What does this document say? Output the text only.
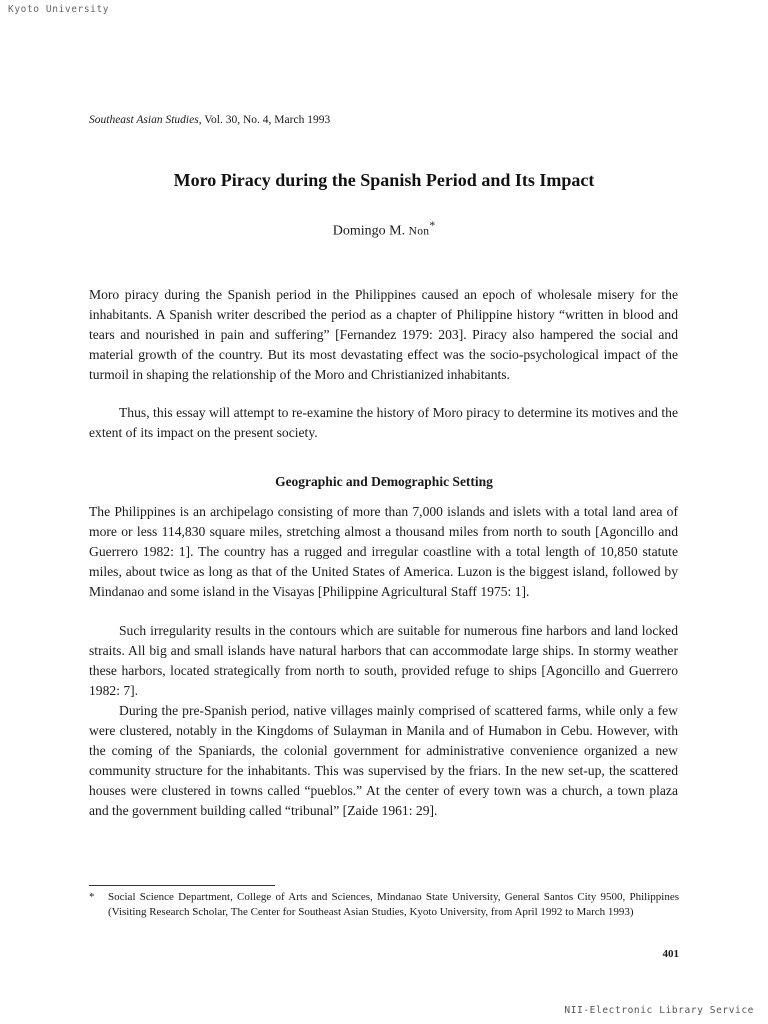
Kyoto University
Southeast Asian Studies, Vol. 30, No. 4, March 1993
Moro Piracy during the Spanish Period and Its Impact
Domingo M. Non*

Moro piracy during the Spanish period in the Philippines caused an epoch of wholesale misery for the inhabitants. A Spanish writer described the period as a chapter of Philippine history “written in blood and tears and nourished in pain and suffering” [Fernandez 1979: 203]. Piracy also hampered the social and material growth of the country. But its most devastating effect was the socio-psychological impact of the turmoil in shaping the relationship of the Moro and Christianized inhabitants.

Thus, this essay will attempt to re-examine the history of Moro piracy to determine its motives and the extent of its impact on the present society.

Geographic and Demographic Setting

The Philippines is an archipelago consisting of more than 7,000 islands and islets with a total land area of more or less 114,830 square miles, stretching almost a thousand miles from north to south [Agoncillo and Guerrero 1982: 1]. The country has a rugged and irregular coastline with a total length of 10,850 statute miles, about twice as long as that of the United States of America. Luzon is the biggest island, followed by Mindanao and some island in the Visayas [Philippine Agricultural Staff 1975: 1].

Such irregularity results in the contours which are suitable for numerous fine harbors and land locked straits. All big and small islands have natural harbors that can accommodate large ships. In stormy weather these harbors, located strategically from north to south, provided refuge to ships [Agoncillo and Guerrero 1982: 7].

During the pre-Spanish period, native villages mainly comprised of scattered farms, while only a few were clustered, notably in the Kingdoms of Sulayman in Manila and of Humabon in Cebu. However, with the coming of the Spaniards, the colonial government for administrative convenience organized a new community structure for the inhabitants. This was supervised by the friars. In the new set-up, the scattered houses were clustered in towns called “pueblos.” At the center of every town was a church, a town plaza and the government building called “tribunal” [Zaide 1961: 29].

* Social Science Department, College of Arts and Sciences, Mindanao State University, General Santos City 9500, Philippines (Visiting Research Scholar, The Center for Southeast Asian Studies, Kyoto University, from April 1992 to March 1993)
401
NII-Electronic Library Service
